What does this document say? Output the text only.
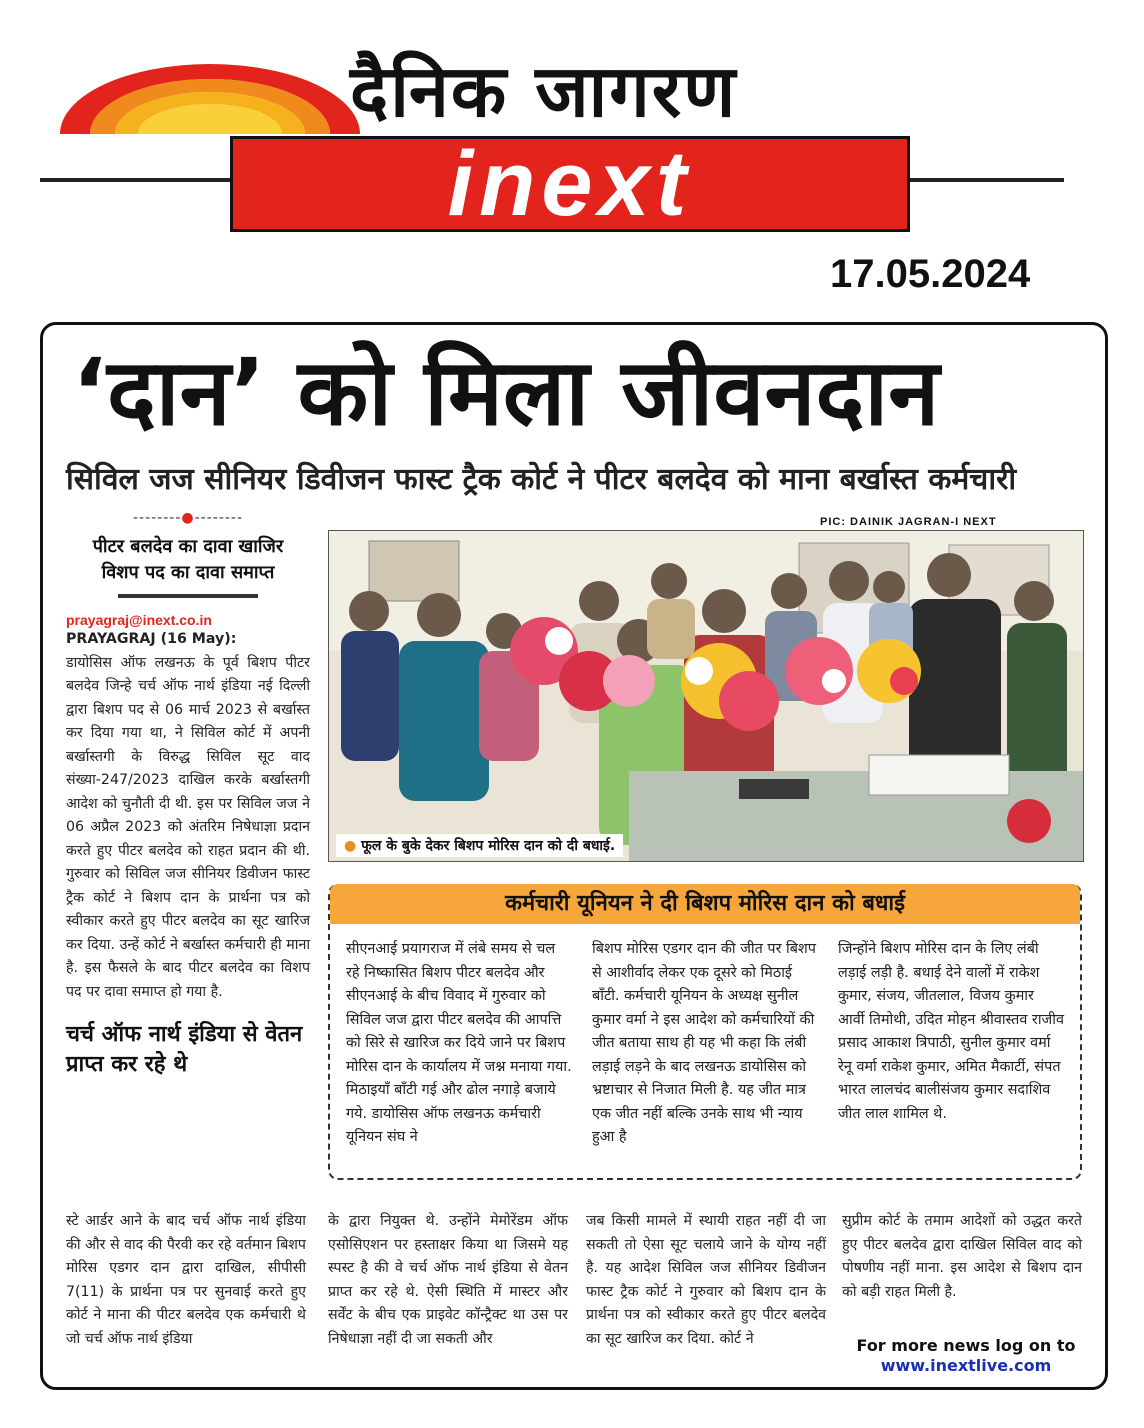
दैनिक जागरण
inext
17.05.2024
‘दान’ को मिला जीवनदान
सिविल जज सीनियर डिवीजन फास्ट ट्रैक कोर्ट ने पीटर बलदेव को माना बर्खास्त कर्मचारी
--------●--------
पीटर बलदेव का दावा खाजिर
विशप पद का दावा समाप्त
prayagraj@inext.co.in
PRAYAGRAJ (16 May):
डायोसिस ऑफ लखनऊ के पूर्व बिशप पीटर बलदेव जिन्हे चर्च ऑफ नार्थ इंडिया नई दिल्ली द्वारा बिशप पद से 06 मार्च 2023 से बर्खास्त कर दिया गया था, ने सिविल कोर्ट में अपनी बर्खास्तगी के विरुद्ध सिविल सूट वाद संख्या-247/2023 दाखिल करके बर्खास्तगी आदेश को चुनौती दी थी. इस पर सिविल जज ने 06 अप्रैल 2023 को अंतरिम निषेधाज्ञा प्रदान करते हुए पीटर बलदेव को राहत प्रदान की थी. गुरुवार को सिविल जज सीनियर डिवीजन फास्ट ट्रैक कोर्ट ने बिशप दान के प्रार्थना पत्र को स्वीकार करते हुए पीटर बलदेव का सूट खारिज कर दिया. उन्हें कोर्ट ने बर्खास्त कर्मचारी ही माना है. इस फैसले के बाद पीटर बलदेव का विशप पद पर दावा समाप्त हो गया है.
चर्च ऑफ नार्थ इंडिया से वेतन प्राप्त कर रहे थे
PIC: DAINIK JAGRAN-I NEXT
● फूल के बुके देकर बिशप मोरिस दान को दी बधाई.
कर्मचारी यूनियन ने दी बिशप मोरिस दान को बधाई
सीएनआई प्रयागराज में लंबे समय से चल रहे निष्कासित बिशप पीटर बलदेव और सीएनआई के बीच विवाद में गुरुवार को सिविल जज द्वारा पीटर बलदेव की आपत्ति को सिरे से खारिज कर दिये जाने पर बिशप मोरिस दान के कार्यालय में जश्न मनाया गया. मिठाइयाँ बाँटी गई और ढोल नगाड़े बजाये गये. डायोसिस ऑफ लखनऊ कर्मचारी यूनियन संघ ने
बिशप मोरिस एडगर दान की जीत पर बिशप से आशीर्वाद लेकर एक दूसरे को मिठाई बाँटी. कर्मचारी यूनियन के अध्यक्ष सुनील कुमार वर्मा ने इस आदेश को कर्मचारियों की जीत बताया साथ ही यह भी कहा कि लंबी लड़ाई लड़ने के बाद लखनऊ डायोसिस को भ्रष्टाचार से निजात मिली है. यह जीत मात्र एक जीत नहीं बल्कि उनके साथ भी न्याय हुआ है
जिन्होंने बिशप मोरिस दान के लिए लंबी लड़ाई लड़ी है. बधाई देने वालों में राकेश कुमार, संजय, जीतलाल, विजय कुमार आर्वी तिमोथी, उदित मोहन श्रीवास्तव राजीव प्रसाद आकाश त्रिपाठी, सुनील कुमार वर्मा रेनू वर्मा राकेश कुमार, अमित मैकार्टी, संपत भारत लालचंद बालीसंजय कुमार सदाशिव जीत लाल शामिल थे.
स्टे आर्डर आने के बाद चर्च ऑफ नार्थ इंडिया की और से वाद की पैरवी कर रहे वर्तमान बिशप मोरिस एडगर दान द्वारा दाखिल, सीपीसी 7(11) के प्रार्थना पत्र पर सुनवाई करते हुए कोर्ट ने माना की पीटर बलदेव एक कर्मचारी थे जो चर्च ऑफ नार्थ इंडिया
के द्वारा नियुक्त थे. उन्होंने मेमोरेंडम ऑफ एसोसिएशन पर हस्ताक्षर किया था जिसमे यह स्पस्ट है की वे चर्च ऑफ नार्थ इंडिया से वेतन प्राप्त कर रहे थे. ऐसी स्थिति में मास्टर और सर्वेंट के बीच एक प्राइवेट कॉन्ट्रैक्ट था उस पर निषेधाज्ञा नहीं दी जा सकती और
जब किसी मामले में स्थायी राहत नहीं दी जा सकती तो ऐसा सूट चलाये जाने के योग्य नहीं है. यह आदेश सिविल जज सीनियर डिवीजन फास्ट ट्रैक कोर्ट ने गुरुवार को बिशप दान के प्रार्थना पत्र को स्वीकार करते हुए पीटर बलदेव का सूट खारिज कर दिया. कोर्ट ने
सुप्रीम कोर्ट के तमाम आदेशों को उद्धत करते हुए पीटर बलदेव द्वारा दाखिल सिविल वाद को पोषणीय नहीं माना. इस आदेश से बिशप दान को बड़ी राहत मिली है.
For more news log on to
www.inextlive.com
